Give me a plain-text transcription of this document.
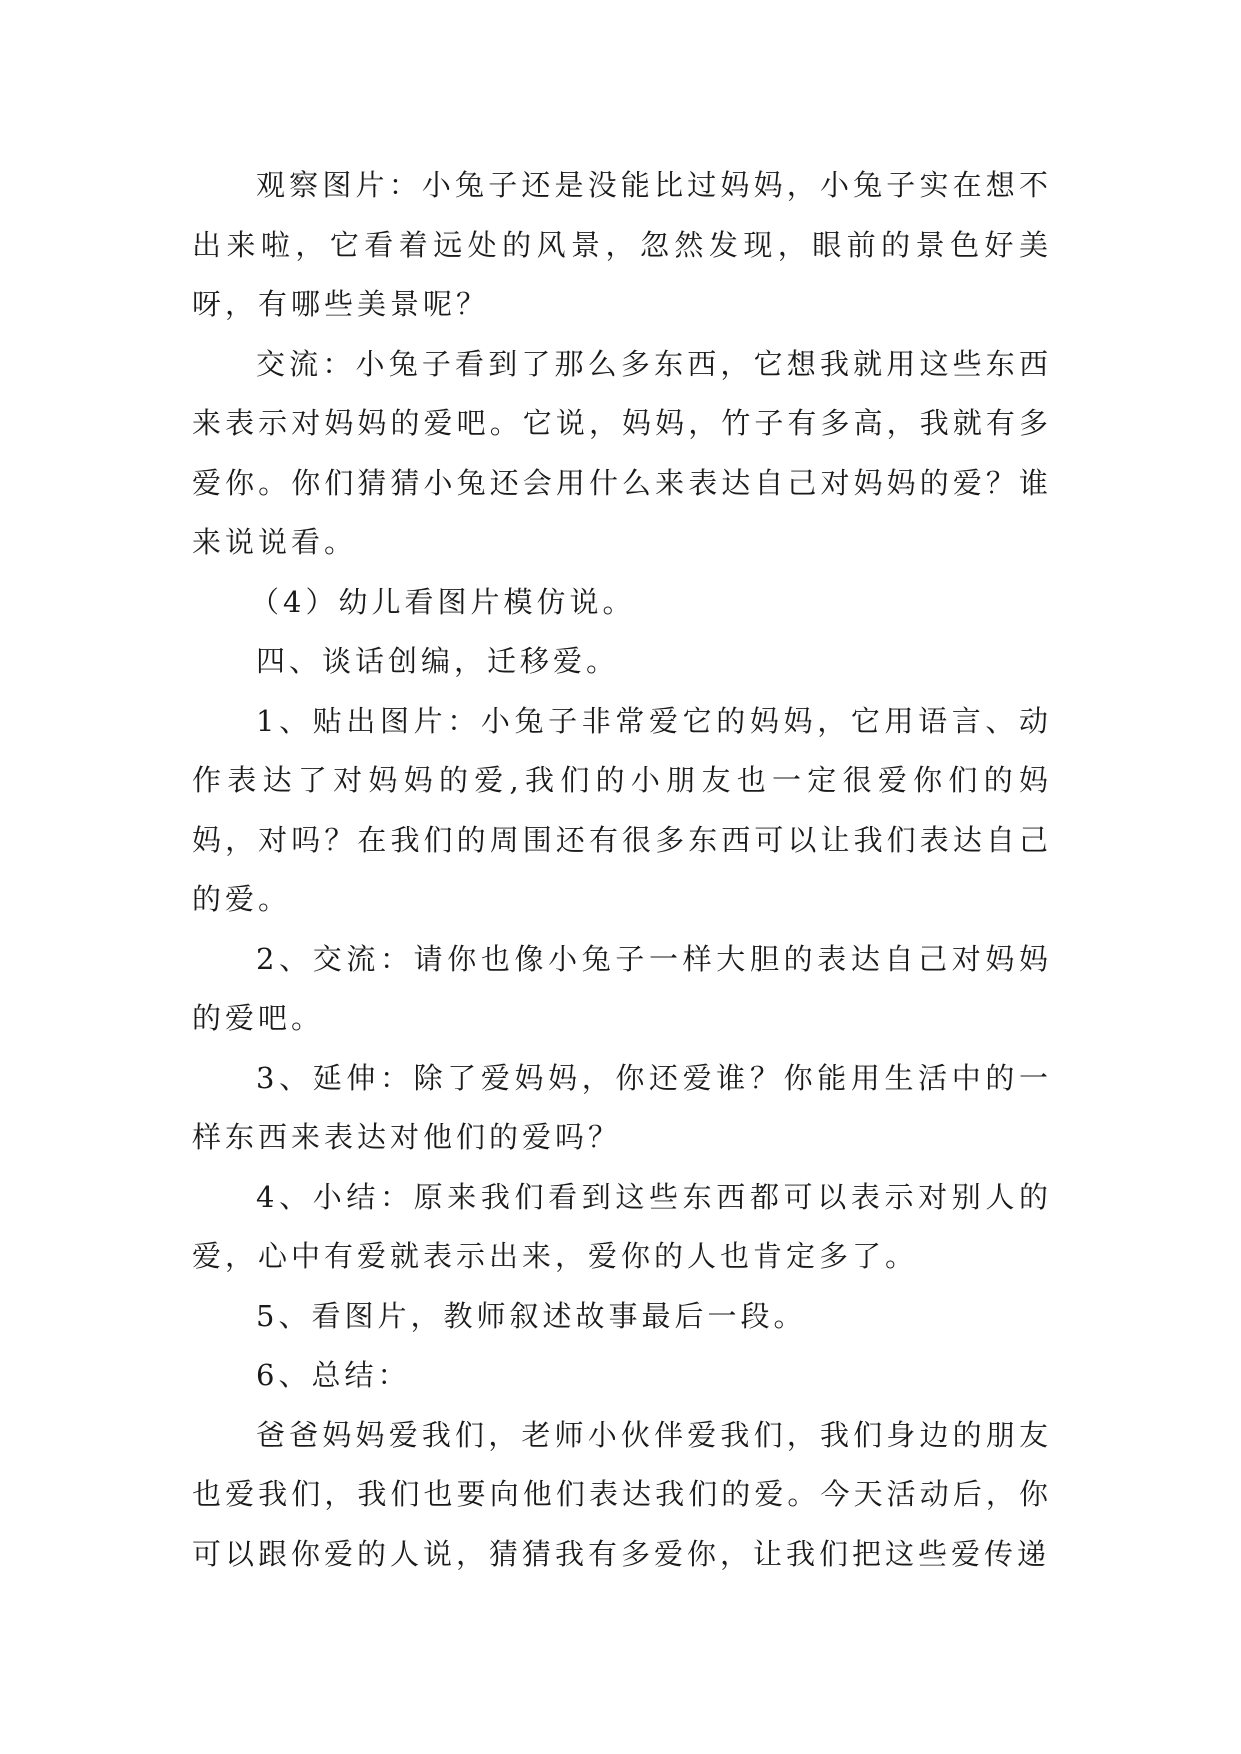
观察图片：小兔子还是没能比过妈妈，小兔子实在想不出来啦，它看着远处的风景，忽然发现，眼前的景色好美呀，有哪些美景呢？

交流：小兔子看到了那么多东西，它想我就用这些东西来表示对妈妈的爱吧。它说，妈妈，竹子有多高，我就有多爱你。你们猜猜小兔还会用什么来表达自己对妈妈的爱？谁来说说看。

（4）幼儿看图片模仿说。

四、谈话创编，迁移爱。

1、贴出图片：小兔子非常爱它的妈妈，它用语言、动作表达了对妈妈的爱,我们的小朋友也一定很爱你们的妈妈，对吗？在我们的周围还有很多东西可以让我们表达自己的爱。

2、交流：请你也像小兔子一样大胆的表达自己对妈妈的爱吧。

3、延伸：除了爱妈妈，你还爱谁？你能用生活中的一样东西来表达对他们的爱吗？

4、小结：原来我们看到这些东西都可以表示对别人的爱，心中有爱就表示出来，爱你的人也肯定多了。

5、看图片，教师叙述故事最后一段。

6、总结：

爸爸妈妈爱我们，老师小伙伴爱我们，我们身边的朋友也爱我们，我们也要向他们表达我们的爱。今天活动后，你可以跟你爱的人说，猜猜我有多爱你，让我们把这些爱传递
